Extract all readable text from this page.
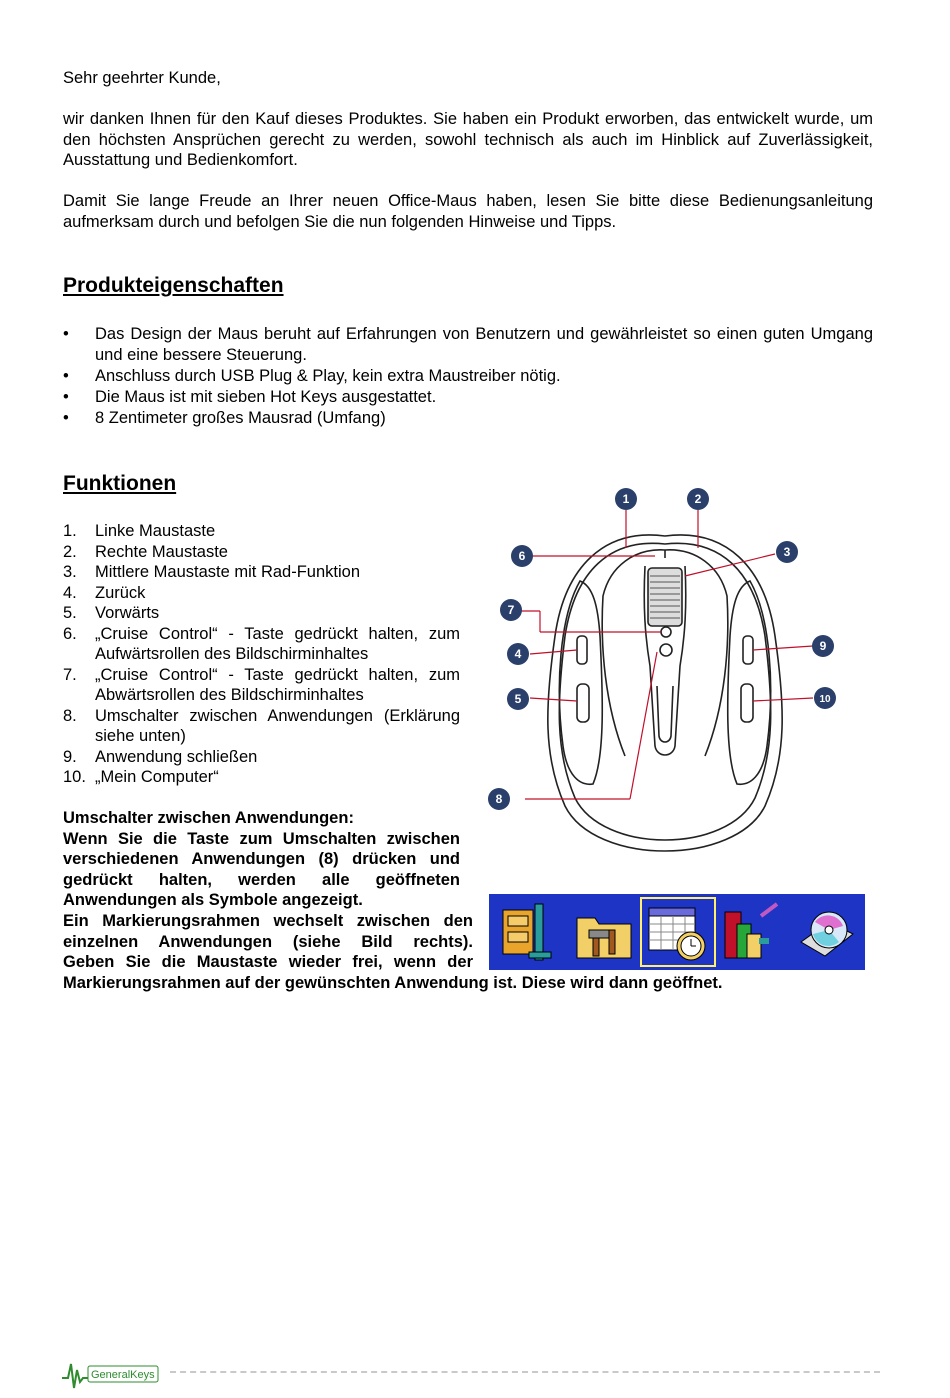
Sehr geehrter Kunde,

wir danken Ihnen für den Kauf dieses Produktes. Sie haben ein Produkt erworben, das entwickelt wurde, um den höchsten Ansprüchen gerecht zu werden, sowohl technisch als auch im Hinblick auf Zuverlässigkeit, Ausstattung und Bedienkomfort.

Damit Sie lange Freude an Ihrer neuen Office-Maus haben, lesen Sie bitte diese Bedienungsanleitung aufmerksam durch und befolgen Sie die nun folgenden Hinweise und Tipps.

Produkteigenschaften
• Das Design der Maus beruht auf Erfahrungen von Benutzern und gewährleistet so einen guten Umgang und eine bessere Steuerung.
• Anschluss durch USB Plug & Play, kein extra Maustreiber nötig.
• Die Maus ist mit sieben Hot Keys ausgestattet.
• 8 Zentimeter großes Mausrad (Umfang)
Funktionen
1. Linke Maustaste
2. Rechte Maustaste
3. Mittlere Maustaste mit Rad-Funktion
4. Zurück
5. Vorwärts
6. „Cruise Control“ - Taste gedrückt halten, zum Aufwärtsrollen des Bildschirminhaltes
7. „Cruise Control“ - Taste gedrückt halten, zum Abwärtsrollen des Bildschirminhaltes
8. Umschalter zwischen Anwendungen (Erklärung siehe unten)
9. Anwendung schließen
10. „Mein Computer“
Umschalter zwischen Anwendungen:
Wenn Sie die Taste zum Umschalten zwischen
verschiedenen Anwendungen (8) drücken und
gedrückt halten, werden alle geöffneten
Anwendungen als Symbole angezeigt.
Ein Markierungsrahmen wechselt zwischen den
einzelnen Anwendungen (siehe Bild rechts).
Geben Sie die Maustaste wieder frei, wenn der
Markierungsrahmen auf der gewünschten Anwendung ist. Diese wird dann geöffnet.
1	2
3
4
5
6
7
8
9
10
GeneralKeys
